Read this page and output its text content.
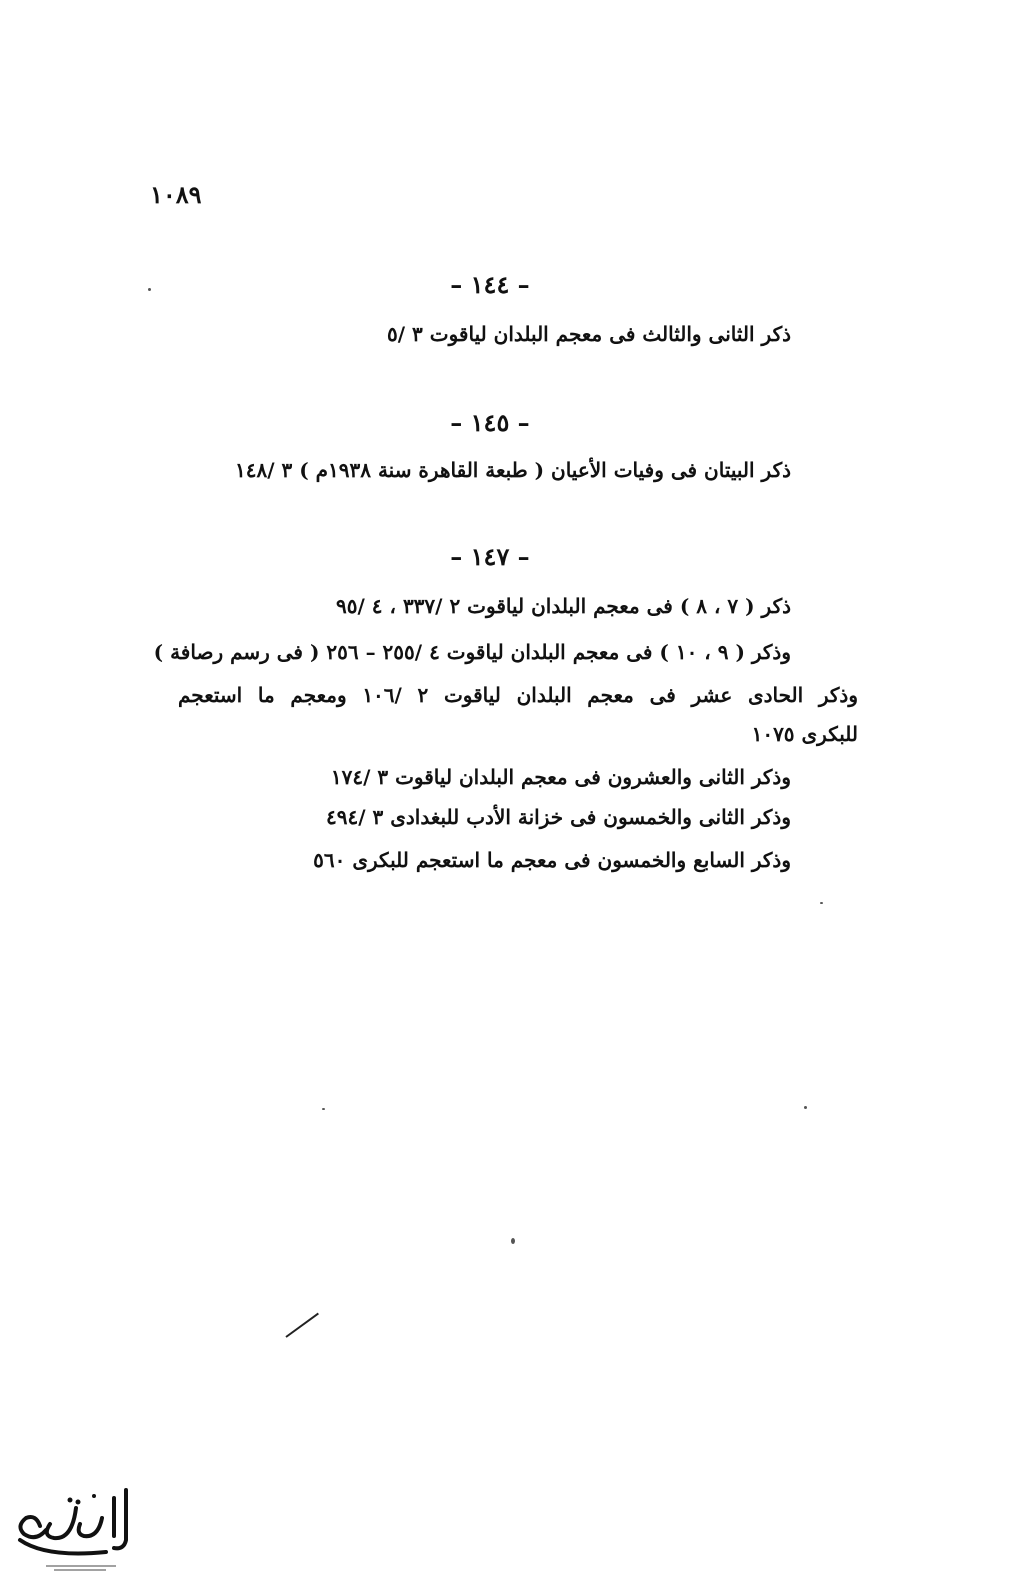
١٠٨٩
– ١٤٤ –
ذكر الثانى والثالث فى معجم البلدان لياقوت ٣ /٥
– ١٤٥ –
ذكر البيتان فى وفيات الأعيان ( طبعة القاهرة سنة ١٩٣٨م ) ٣ /١٤٨
– ١٤٧ –
ذكر ( ٧ ، ٨ ) فى معجم البلدان لياقوت ٢ /٣٣٧ ، ٤ /٩٥
وذكر ( ٩ ، ١٠ ) فى معجم البلدان لياقوت ٤ /٢٥٥ – ٢٥٦ ( فى رسم رصافة )
وذكر الحادى عشر فى معجم البلدان لياقوت ٢ /١٠٦ ومعجم ما استعجم
للبكرى ١٠٧٥
وذكر الثانى والعشرون فى معجم البلدان لياقوت ٣ /١٧٤
وذكر الثانى والخمسون فى خزانة الأدب للبغدادى ٣ /٤٩٤
وذكر السابع والخمسون فى معجم ما استعجم للبكرى ٥٦٠
